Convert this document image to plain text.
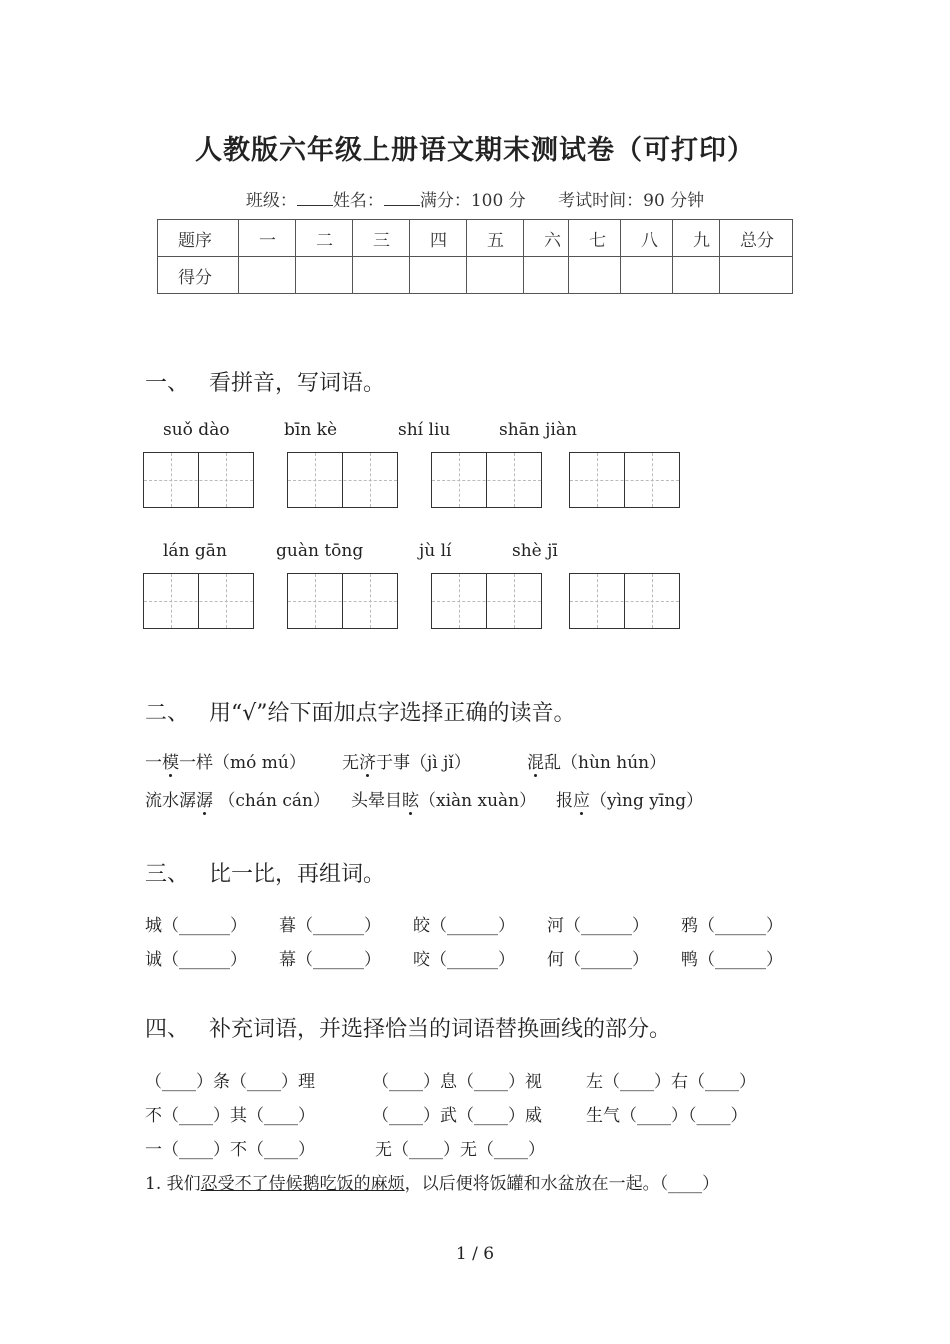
人教版六年级上册语文期末测试卷（可打印）
班级： 姓名： 满分：100 分 考试时间：90 分钟
题序	一	二	三	四	五	六	七	八	九	总分
得分										
一、 看拼音，写词语。
suǒ dào	bīn kè	shí liu	shān jiàn
lán gān	guàn tōng	jù lí	shè jī
二、 用“√”给下面加点字选择正确的读音。
一模一样（mó mú） 无济于事（jì jǐ）	混乱（hùn hún）
流水潺潺 （chán cán） 头晕目眩（xiàn xuàn） 报应（yìng yīng）
三、 比一比，再组词。
城（______） 暮（______） 皎（______） 河（______） 鸦（______）
诚（______） 幕（______） 咬（______） 何（______） 鸭（______）
四、 补充词语，并选择恰当的词语替换画线的部分。
（____）条（____）理	（____）息（____）视	左（____）右（____）
不（____）其（____）	（____）武（____）威	生气（____）（____）
一（____）不（____）	无（____）无（____）
1. 我们忍受不了侍候鹅吃饭的麻烦，以后便将饭罐和水盆放在一起。（____）
1 / 6
